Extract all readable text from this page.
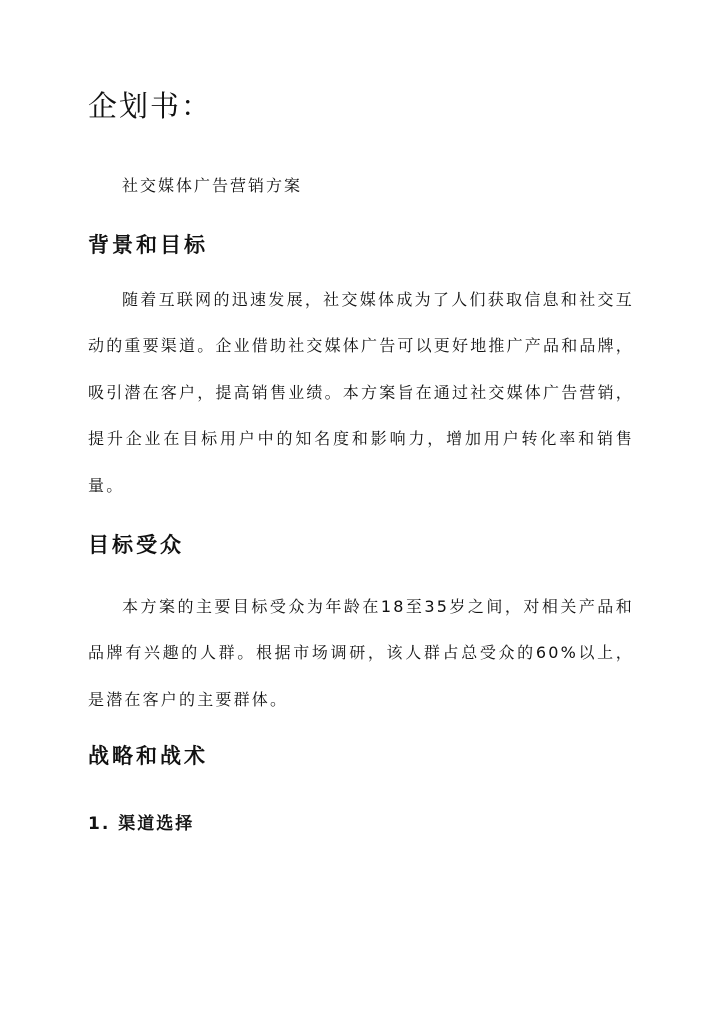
企划书：

社交媒体广告营销方案

背景和目标

随着互联网的迅速发展，社交媒体成为了人们获取信息和社交互动的重要渠道。企业借助社交媒体广告可以更好地推广产品和品牌，吸引潜在客户，提高销售业绩。本方案旨在通过社交媒体广告营销，提升企业在目标用户中的知名度和影响力，增加用户转化率和销售量。

目标受众

本方案的主要目标受众为年龄在18至35岁之间，对相关产品和品牌有兴趣的人群。根据市场调研，该人群占总受众的60%以上，是潜在客户的主要群体。

战略和战术
1. 渠道选择
